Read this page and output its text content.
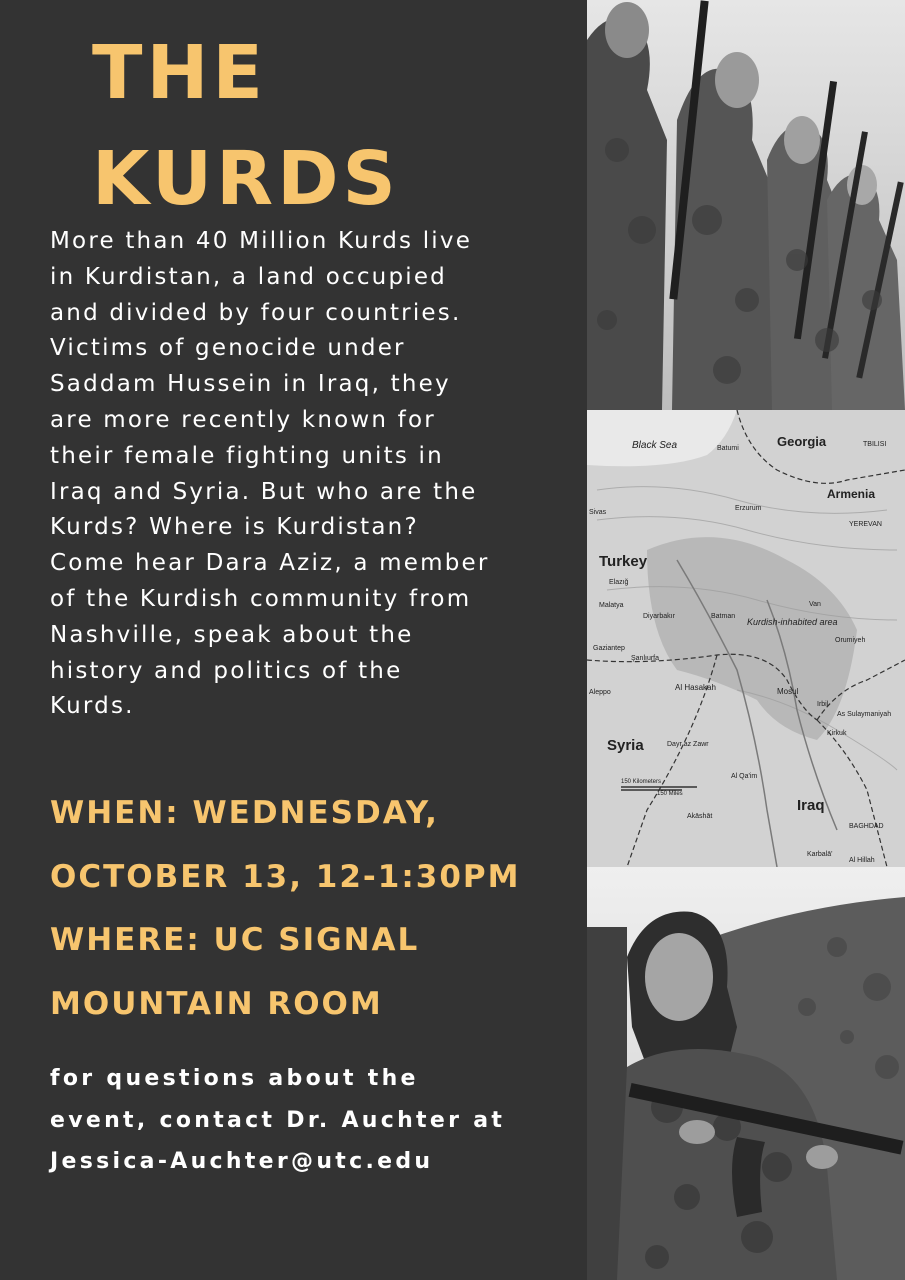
THE
KURDS

More than 40 Million Kurds live
in Kurdistan, a land occupied
and divided by four countries.
Victims of genocide under
Saddam Hussein in Iraq, they
are more recently known for
their female fighting units in
Iraq and Syria. But who are the
Kurds? Where is Kurdistan?
Come hear Dara Aziz, a member
of the Kurdish community from
Nashville, speak about the
history and politics of the
Kurds.

WHEN: WEDNESDAY,
OCTOBER 13, 12-1:30PM
WHERE: UC SIGNAL
MOUNTAIN ROOM

for questions about the
event, contact Dr. Auchter at
Jessica-Auchter@utc.edu

Black Sea	Batumi	Georgia	TBILISI
Armenia
YEREVAN
Erzurum
Sivas
Turkey
Elazığ
Malatya
Diyarbakır	Batman
Van
Kurdish-inhabited area
Orumiyeh
Gaziantep
Şanlıurfa
Aleppo
Al Hasakah	Mosul
Irbil
Syria	Dayr az Zawr
Kirkuk
As Sulaymaniyah
Al Qa'im
150 Kilometers
150 Miles
Iraq
Akāshāt
BAGHDAD
Karbalā'
Al Hillah
